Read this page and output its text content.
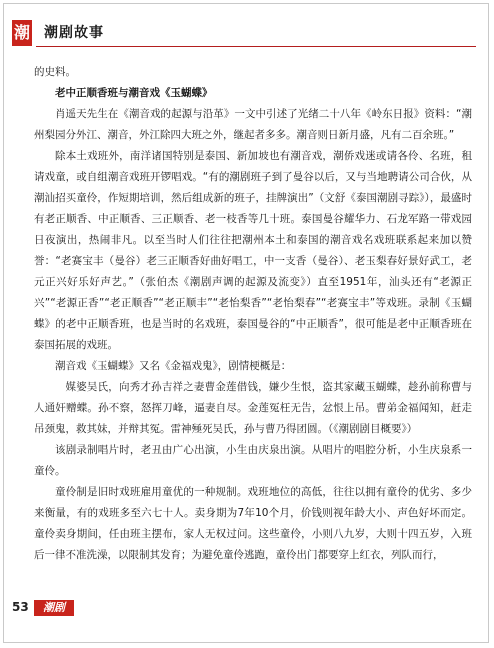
潮 潮剧故事

的史料。

老中正顺香班与潮音戏《玉蝴蝶》

肖遥天先生在《潮音戏的起源与沿革》一文中引述了光绪二十八年《岭东日报》资料：“潮州梨园分外江、潮音，外江除四大班之外，继起者多多。潮音则日新月盛，凡有二百余班。”

除本土戏班外，南洋诸国特别是泰国、新加坡也有潮音戏，潮侨戏迷或请各伶、名班，租请戏童，或自组潮音戏班开锣唱戏。“有的潮剧班子到了曼谷以后，又与当地聘请公司合伙，从潮汕招买童伶，作短期培训，然后组成新的班子，挂牌演出”（文舒《泰国潮剧寻踪》），最盛时有老正顺香、中正顺香、三正顺香、老一枝香等几十班。泰国曼谷耀华力、石龙军路一带戏园日夜演出，热闹非凡。以至当时人们往往把潮州本土和泰国的潮音戏名戏班联系起来加以赞誉：“老赛宝丰（曼谷）老三正顺香好曲好唱工，中一支香（曼谷）、老玉梨春好景好武工，老元正兴好乐好声艺。”（张伯杰《潮剧声调的起源及流变》）直至1951年，汕头还有“老源正兴”“老源正香”“老正顺香”“老正顺丰”“老怡梨香”“老怡梨春”“老赛宝丰”等戏班。录制《玉蝴蝶》的老中正顺香班，也是当时的名戏班，泰国曼谷的“中正顺香”，很可能是老中正顺香班在泰国拓展的戏班。

潮音戏《玉蝴蝶》又名《金福戏鬼》，剧情梗概是：

媒婆吴氏，向秀才孙吉祥之妻曹金莲借钱，嫌少生恨，盗其家藏玉蝴蝶，趁孙前称曹与人通奸赠蝶。孙不察，怒挥刀峰，逼妻自尽。金莲冤枉无告，忿恨上吊。曹弟金福闻知，赶走吊颈鬼，救其妹，并辩其冤。雷神殛死吴氏，孙与曹乃得团圆。（《潮剧剧目概要》）

该剧录制唱片时，老丑由广心出演，小生由庆泉出演。从唱片的唱腔分析，小生庆泉系一童伶。

童伶制是旧时戏班雇用童优的一种规制。戏班地位的高低，往往以拥有童伶的优劣、多少来衡量，有的戏班多至六七十人。卖身期为7年10个月，价钱则视年龄大小、声色好坏而定。童伶卖身期间，任由班主摆布，家人无权过问。这些童伶，小则八九岁，大则十四五岁，入班后一律不准洗澡，以限制其发育；为避免童伶逃跑，童伶出门都要穿上红衣，列队而行，

53	潮剧
